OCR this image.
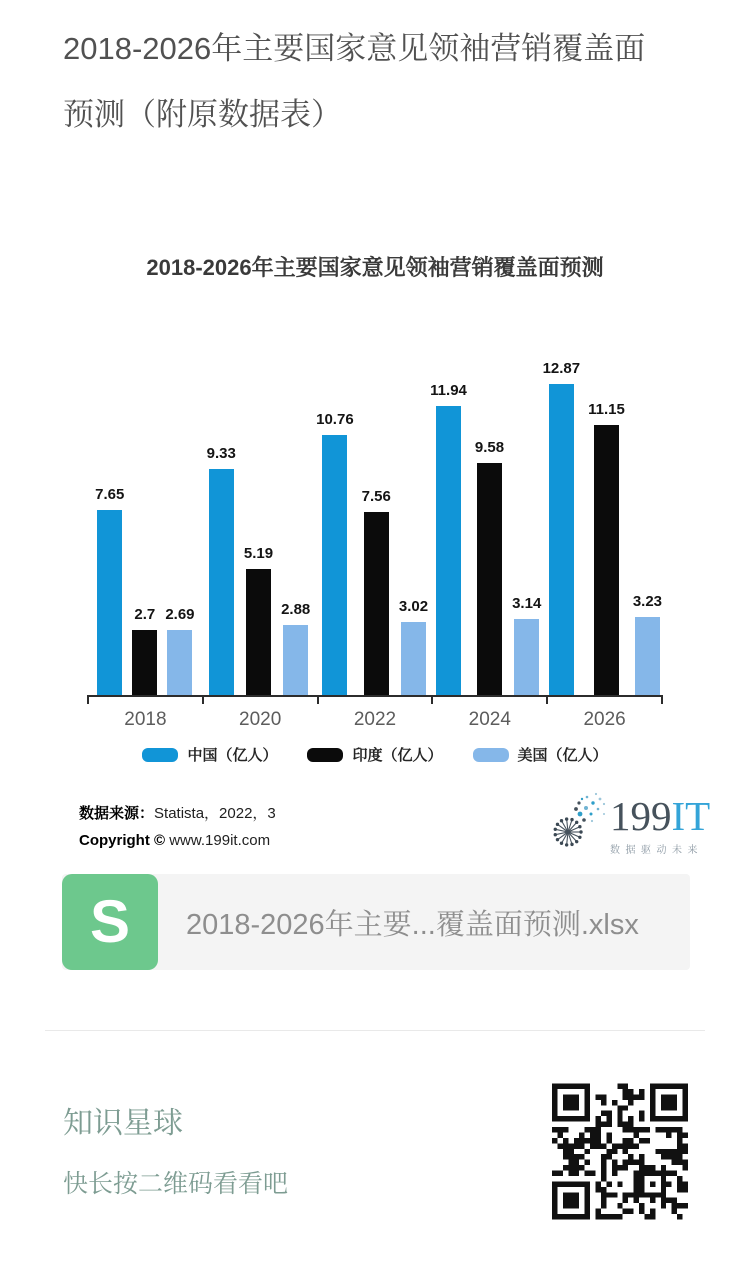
2018-2026年主要国家意见领袖营销覆盖面预测（附原数据表）
2018-2026年主要国家意见领袖营销覆盖面预测
7.65
2.7 2.69
9.33
5.19
2.88
10.76
7.56
3.02
11.94
9.58
3.14
12.87
11.15
3.23
2018	2020	2022	2024	2026
中国（亿人）	印度（亿人）	美国（亿人）
数据来源：Statista，2022，3
Copyright © www.199it.com
199IT
数据驱动未来
S 2018-2026年主要...覆盖面预测.xlsx
知识星球
快长按二维码看看吧
